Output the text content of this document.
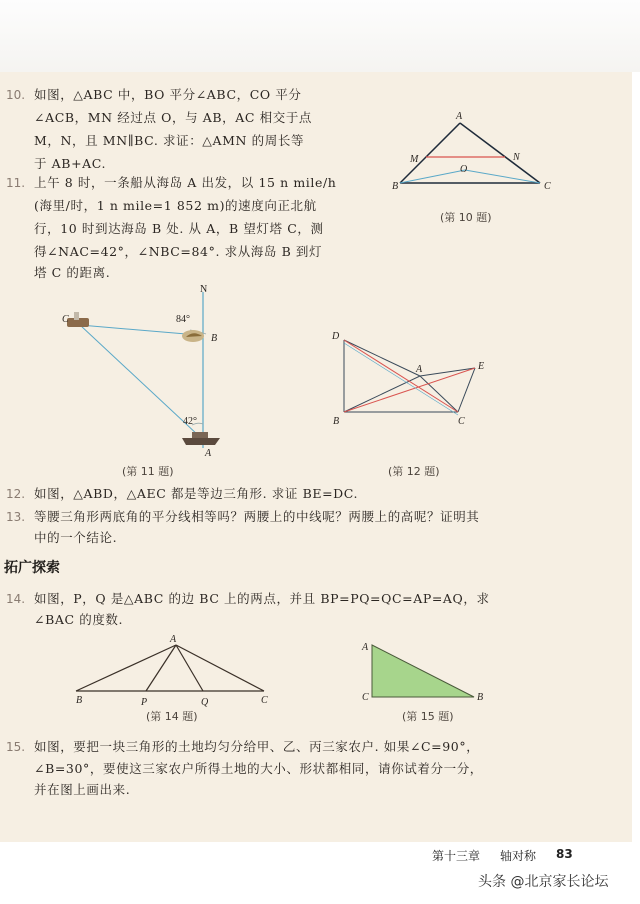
10. 如图，△ABC 中，BO 平分∠ABC，CO 平分
∠ACB，MN 经过点 O，与 AB，AC 相交于点
M，N，且 MN∥BC. 求证：△AMN 的周长等
于 AB+AC.
A
M	N
O
B	C
(第 10 题)
11. 上午 8 时，一条船从海岛 A 出发，以 15 n mile/h
(海里/时，1 n mile=1 852 m)的速度向正北航
行，10 时到达海岛 B 处. 从 A，B 望灯塔 C，测
得∠NAC=42°，∠NBC=84°. 求从海岛 B 到灯
塔 C 的距离.
N
C
B
A
84°
42°
(第 11 题)
D
A	E
B	C
(第 12 题)
12. 如图，△ABD，△AEC 都是等边三角形. 求证 BE=DC.
13. 等腰三角形两底角的平分线相等吗？两腰上的中线呢？两腰上的高呢？证明其
中的一个结论.
拓广探索
14. 如图，P，Q 是△ABC 的边 BC 上的两点，并且 BP=PQ=QC=AP=AQ，求
∠BAC 的度数.
A
B	P	Q	C
(第 14 题)
A
C	B
(第 15 题)
15. 如图，要把一块三角形的土地均匀分给甲、乙、丙三家农户. 如果∠C=90°，
∠B=30°，要使这三家农户所得土地的大小、形状都相同，请你试着分一分，
并在图上画出来.
第十三章 轴对称 83
头条 @北京家长论坛
